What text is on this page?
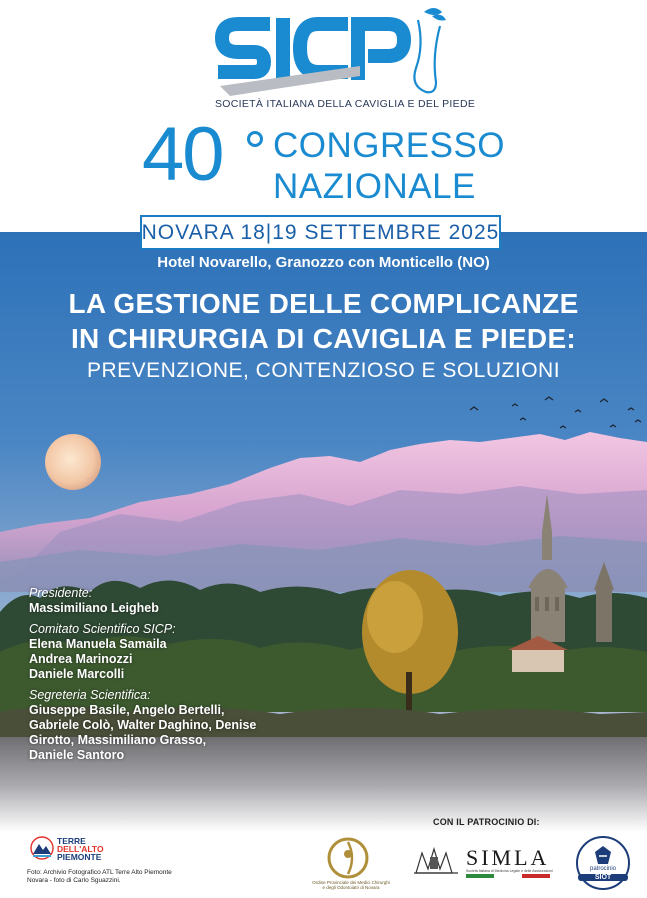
SOCIETÀ ITALIANA DELLA CAVIGLIA E DEL PIEDE
40 CONGRESSO
NAZIONALE
NOVARA 18|19 SETTEMBRE 2025
Hotel Novarello, Granozzo con Monticello (NO)
LA GESTIONE DELLE COMPLICANZE
IN CHIRURGIA DI CAVIGLIA E PIEDE:
PREVENZIONE, CONTENZIOSO E SOLUZIONI
Presidente:
Massimiliano Leigheb
Comitato Scientifico SICP:
Elena Manuela Samaila
Andrea Marinozzi
Daniele Marcolli
Segreteria Scientifica:
Giuseppe Basile, Angelo Bertelli,
Gabriele Colò, Walter Daghino, Denise
Girotto, Massimiliano Grasso,
Daniele Santoro
CON IL PATROCINIO DI:
TERRE
DELL'ALTO
PIEMONTE
Foto: Archivio Fotografico ATL Terre Alto Piemonte
Novara - foto di Carlo Sguazzini.	Ordine Provinciale dei Medici Chirurghi e degli Odontoiatri di Novara
SIMLA
Società Italiana di Medicina Legale e delle Assicurazioni	patrocinio
SIOT
